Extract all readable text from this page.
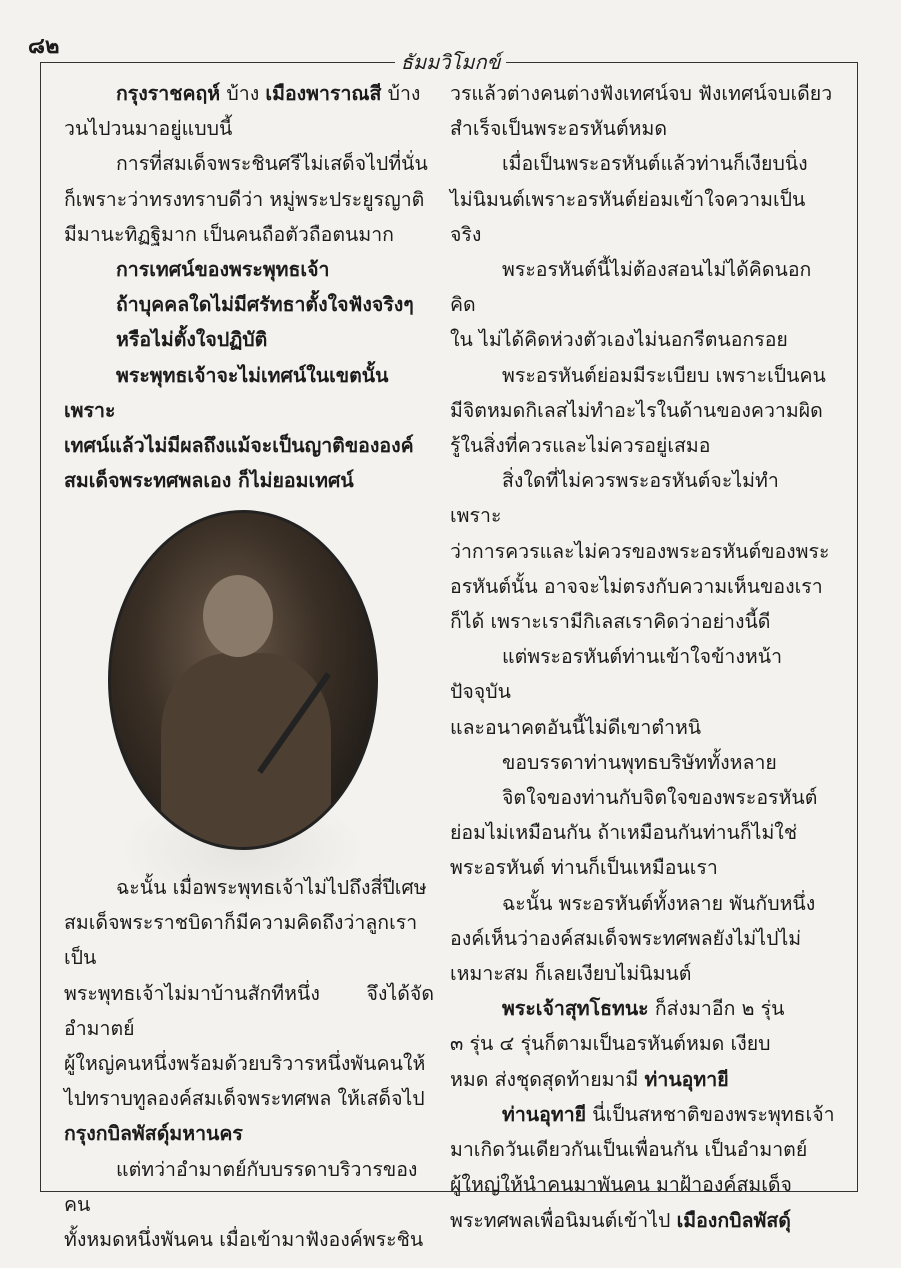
๘๒
ธัมมวิโมกข์

กรุงราชคฤห์ บ้าง เมืองพาราณสี บ้าง

วนไปวนมาอยู่แบบนี้

การที่สมเด็จพระชินศรีไม่เสด็จไปที่นั่น

ก็เพราะว่าทรงทราบดีว่า หมู่พระประยูรญาติ

มีมานะทิฏฐิมาก เป็นคนถือตัวถือตนมาก

การเทศน์ของพระพุทธเจ้า

ถ้าบุคคลใดไม่มีศรัทธาตั้งใจฟังจริงๆ

หรือไม่ตั้งใจปฏิบัติ

พระพุทธเจ้าจะไม่เทศน์ในเขตนั้น เพราะ

เทศน์แล้วไม่มีผลถึงแม้จะเป็นญาติขององค์

สมเด็จพระทศพลเอง ก็ไม่ยอมเทศน์

ฉะนั้น เมื่อพระพุทธเจ้าไม่ไปถึงสี่ปีเศษ

สมเด็จพระราชบิดาก็มีความคิดถึงว่าลูกเราเป็น

พระพุทธเจ้าไม่มาบ้านสักทีหนึ่ง จึงได้จัดอำมาตย์

ผู้ใหญ่คนหนึ่งพร้อมด้วยบริวารหนึ่งพันคนให้

ไปทราบทูลองค์สมเด็จพระทศพล ให้เสด็จไป

กรุงกบิลพัสดุ์มหานคร

แต่ทว่าอำมาตย์กับบรรดาบริวารของคน

ทั้งหมดหนึ่งพันคน เมื่อเข้ามาฟังองค์พระชิน

วรแล้วต่างคนต่างฟังเทศน์จบ ฟังเทศน์จบเดียว

สำเร็จเป็นพระอรหันต์หมด

เมื่อเป็นพระอรหันต์แล้วท่านก็เงียบนิ่ง

ไม่นิมนต์เพราะอรหันต์ย่อมเข้าใจความเป็นจริง

พระอรหันต์นี้ไม่ต้องสอนไม่ได้คิดนอกคิด

ใน ไม่ได้คิดห่วงตัวเองไม่นอกรีตนอกรอย

พระอรหันต์ย่อมมีระเบียบ เพราะเป็นคน

มีจิตหมดกิเลสไม่ทำอะไรในด้านของความผิด

รู้ในสิ่งที่ควรและไม่ควรอยู่เสมอ

สิ่งใดที่ไม่ควรพระอรหันต์จะไม่ทำ เพราะ

ว่าการควรและไม่ควรของพระอรหันต์ของพระ

อรหันต์นั้น อาจจะไม่ตรงกับความเห็นของเรา

ก็ได้ เพราะเรามีกิเลสเราคิดว่าอย่างนี้ดี

แต่พระอรหันต์ท่านเข้าใจข้างหน้าปัจจุบัน

และอนาคตอันนี้ไม่ดีเขาตำหนิ

ขอบรรดาท่านพุทธบริษัททั้งหลาย

จิตใจของท่านกับจิตใจของพระอรหันต์

ย่อมไม่เหมือนกัน ถ้าเหมือนกันท่านก็ไม่ใช่

พระอรหันต์ ท่านก็เป็นเหมือนเรา

ฉะนั้น พระอรหันต์ทั้งหลาย พันกับหนึ่ง

องค์เห็นว่าองค์สมเด็จพระทศพลยังไม่ไปไม่

เหมาะสม ก็เลยเงียบไม่นิมนต์

พระเจ้าสุทโธทนะ ก็ส่งมาอีก ๒ รุ่น

๓ รุ่น ๔ รุ่นก็ตามเป็นอรหันต์หมด เงียบ

หมด ส่งชุดสุดท้ายมามี ท่านอุทายี

ท่านอุทายี นี่เป็นสหชาติของพระพุทธเจ้า

มาเกิดวันเดียวกันเป็นเพื่อนกัน เป็นอำมาตย์

ผู้ใหญ่ให้นำคนมาพันคน มาฝ้าองค์สมเด็จ

พระทศพลเพื่อนิมนต์เข้าไป เมืองกบิลพัสดุ์
